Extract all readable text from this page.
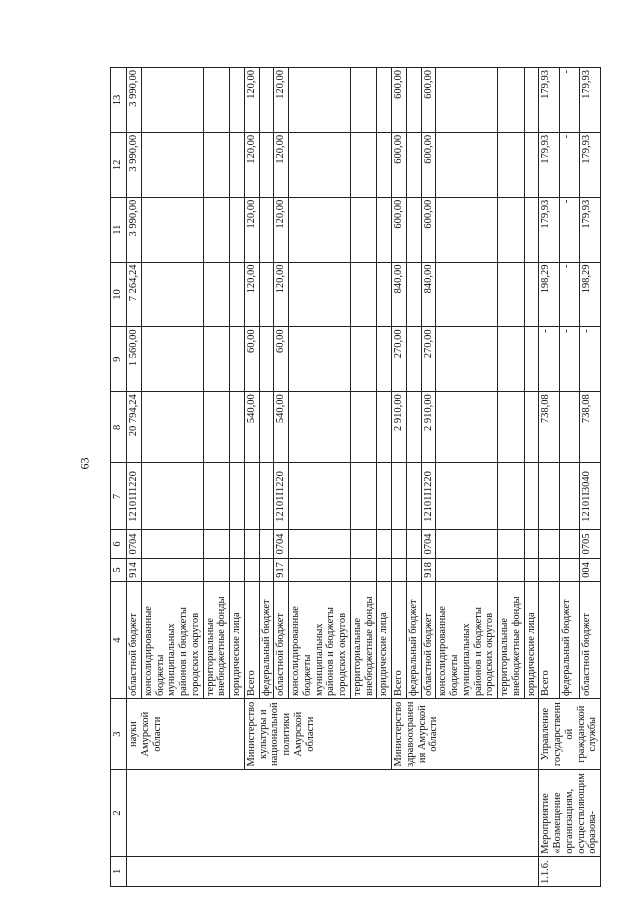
63
1	2	3	4	5	6	7	8	9	10	11	12	13
		науки Амурской области	областной бюджет	914	0704	12101I1220	20 794,24	1 560,00	7 264,24	3 990,00	3 990,00	3 990,00
			консолидированные бюджеты муниципальных районов и бюджеты городских округов									
			территориальные внебюджетные фонды									
			юридические лица									
		Министерство культуры и национальной политики Амурской области	Всего				540,00	60,00	120,00	120,00	120,00	120,00
			федеральный бюджет									
			областной бюджет	917	0704	12101I1220	540,00	60,00	120,00	120,00	120,00	120,00
			консолидированные бюджеты муниципальных районов и бюджеты городских округов									
			территориальные внебюджетные фонды									
			юридические лица									
		Министерство здравоохранения Амурской области	Всего				2 910,00	270,00	840,00	600,00	600,00	600,00
			федеральный бюджет									
			областной бюджет	918	0704	12101I1220	2 910,00	270,00	840,00	600,00	600,00	600,00
			консолидированные бюджеты муниципальных районов и бюджеты городских округов									
			территориальные внебюджетные фонды									
			юридические лица									
1.1.6.	Мероприятие «Возмещение организациям, осуществляющим образова-	Управление государственной гражданской службы	Всего				738,08	-	198,29	179,93	179,93	179,93
			федеральный бюджет					-	-	-	-	-
			областной бюджет	004	0705	12101I3040	738,08	-	198,29	179,93	179,93	179,93
